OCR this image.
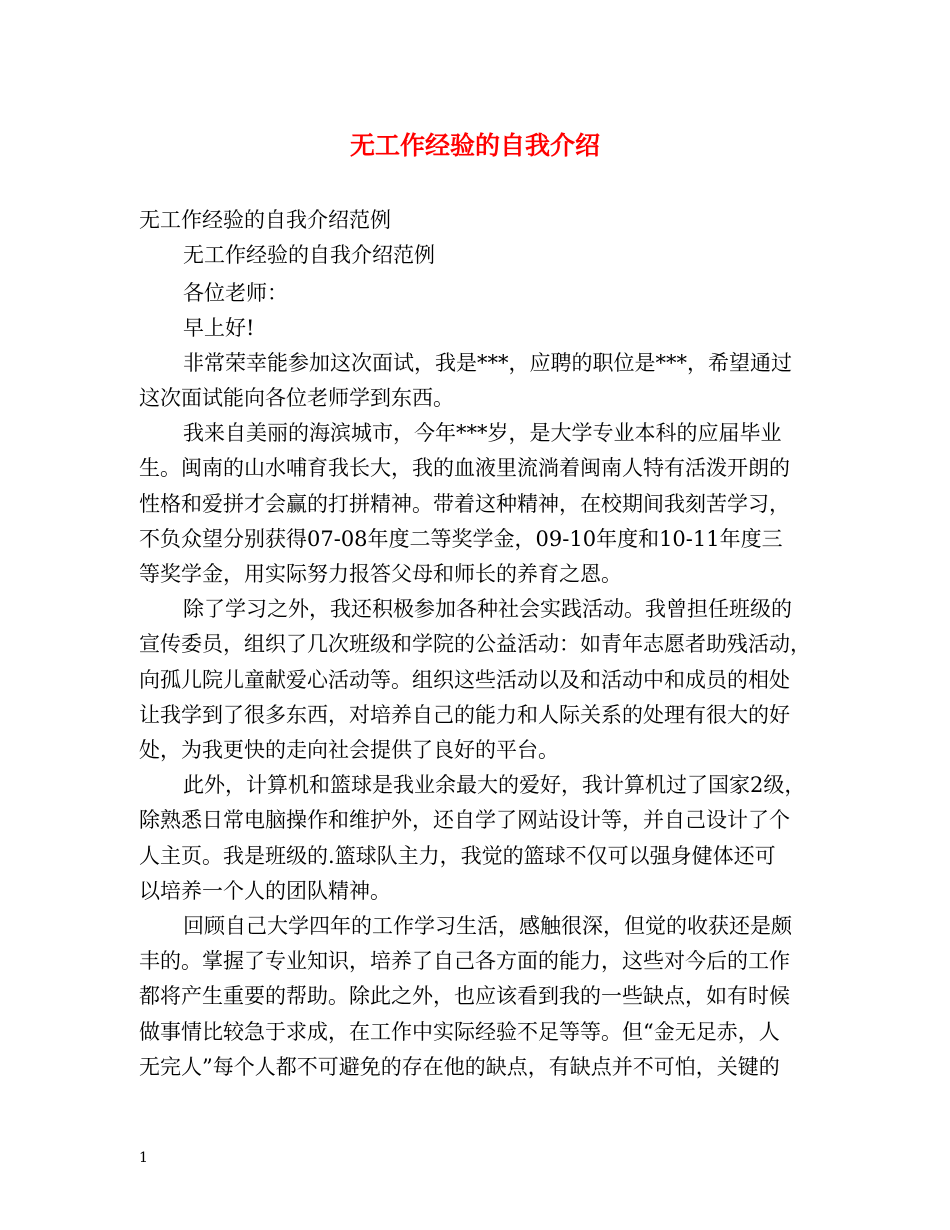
无工作经验的自我介绍
无工作经验的自我介绍范例
无工作经验的自我介绍范例
各位老师：
早上好!
非常荣幸能参加这次面试，我是***，应聘的职位是***，希望通过
这次面试能向各位老师学到东西。
我来自美丽的海滨城市，今年***岁，是大学专业本科的应届毕业
生。闽南的山水哺育我长大，我的血液里流淌着闽南人特有活泼开朗的
性格和爱拼才会赢的打拼精神。带着这种精神，在校期间我刻苦学习，
不负众望分别获得07-08年度二等奖学金，09-10年度和10-11年度三
等奖学金，用实际努力报答父母和师长的养育之恩。
除了学习之外，我还积极参加各种社会实践活动。我曾担任班级的
宣传委员，组织了几次班级和学院的公益活动：如青年志愿者助残活动，
向孤儿院儿童献爱心活动等。组织这些活动以及和活动中和成员的相处
让我学到了很多东西，对培养自己的能力和人际关系的处理有很大的好
处，为我更快的走向社会提供了良好的平台。
此外，计算机和篮球是我业余最大的爱好，我计算机过了国家2级，
除熟悉日常电脑操作和维护外，还自学了网站设计等，并自己设计了个
人主页。我是班级的.篮球队主力，我觉的篮球不仅可以强身健体还可
以培养一个人的团队精神。
回顾自己大学四年的工作学习生活，感触很深，但觉的收获还是颇
丰的。掌握了专业知识，培养了自己各方面的能力，这些对今后的工作
都将产生重要的帮助。除此之外，也应该看到我的一些缺点，如有时候
做事情比较急于求成，在工作中实际经验不足等等。但“金无足赤，人
无完人”每个人都不可避免的存在他的缺点，有缺点并不可怕，关键的
1
